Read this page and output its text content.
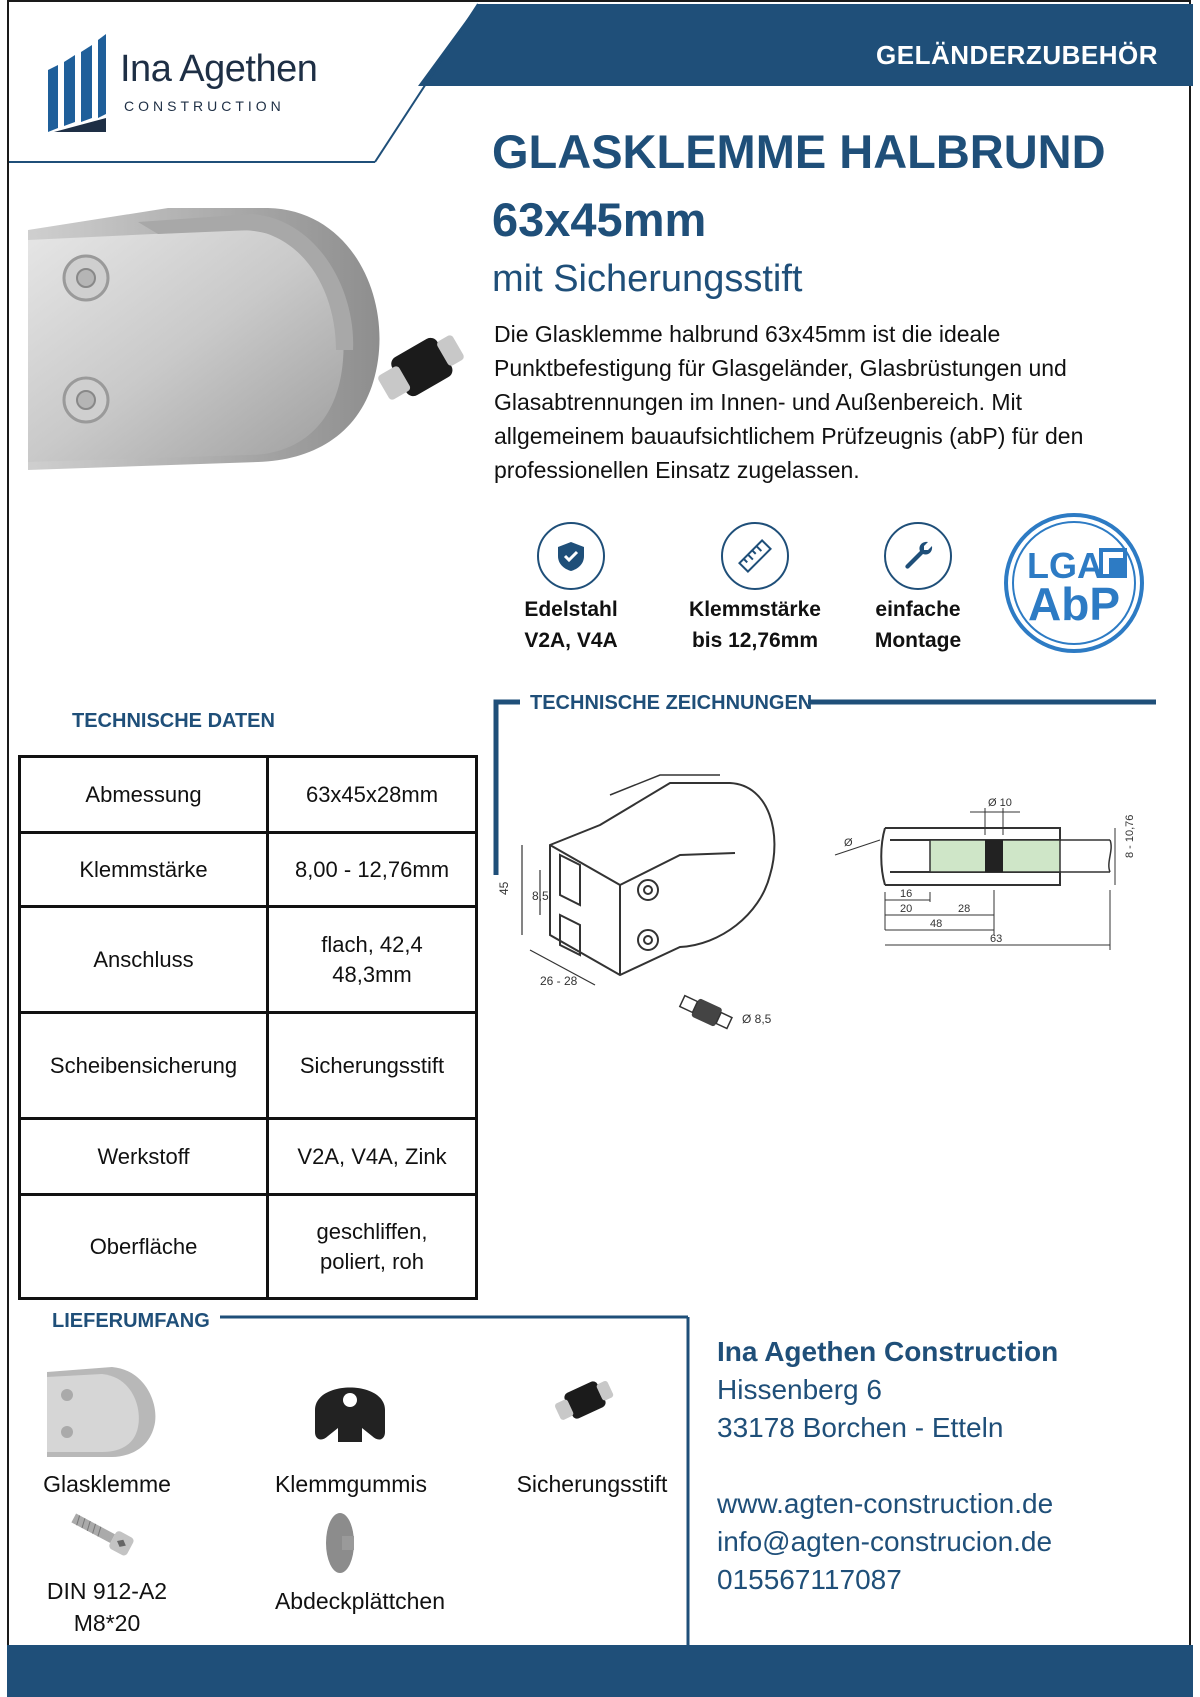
GELÄNDERZUBEHÖR
Ina Agethen
CONSTRUCTION
GLASKLEMME HALBRUND
63x45mm
mit Sicherungsstift
Die Glasklemme halbrund 63x45mm ist die ideale Punktbefestigung für Glasgeländer, Glasbrüstungen und Glasabtrennungen im Innen- und Außenbereich. Mit allgemeinem bauaufsichtlichem Prüfzeugnis (abP) für den professionellen Einsatz zugelassen.
Edelstahl
V2A, V4A
Klemmstärke
bis 12,76mm
einfache
Montage
LGA
AbP
TECHNISCHE DATEN
Abmessung	63x45x28mm

Klemmstärke	8,00 - 12,76mm

Anschluss	flach, 42,4
48,3mm

Scheibensicherung	Sicherungsstift

Werkstoff	V2A, V4A, Zink

Oberfläche	geschliffen,
poliert, roh
TECHNISCHE ZEICHNUNGEN
45
8,5
26 - 28
Ø 8,5
Ø 10
8 - 10,76
Ø
16
20	28
48
63
LIEFERUMFANG
Glasklemme	Klemmgummis	Sicherungsstift
DIN 912-A2
M8*20
Abdeckplättchen
Ina Agethen Construction
Hissenberg 6
33178 Borchen - Etteln
www.agten-construction.de
info@agten-construcion.de
015567117087
